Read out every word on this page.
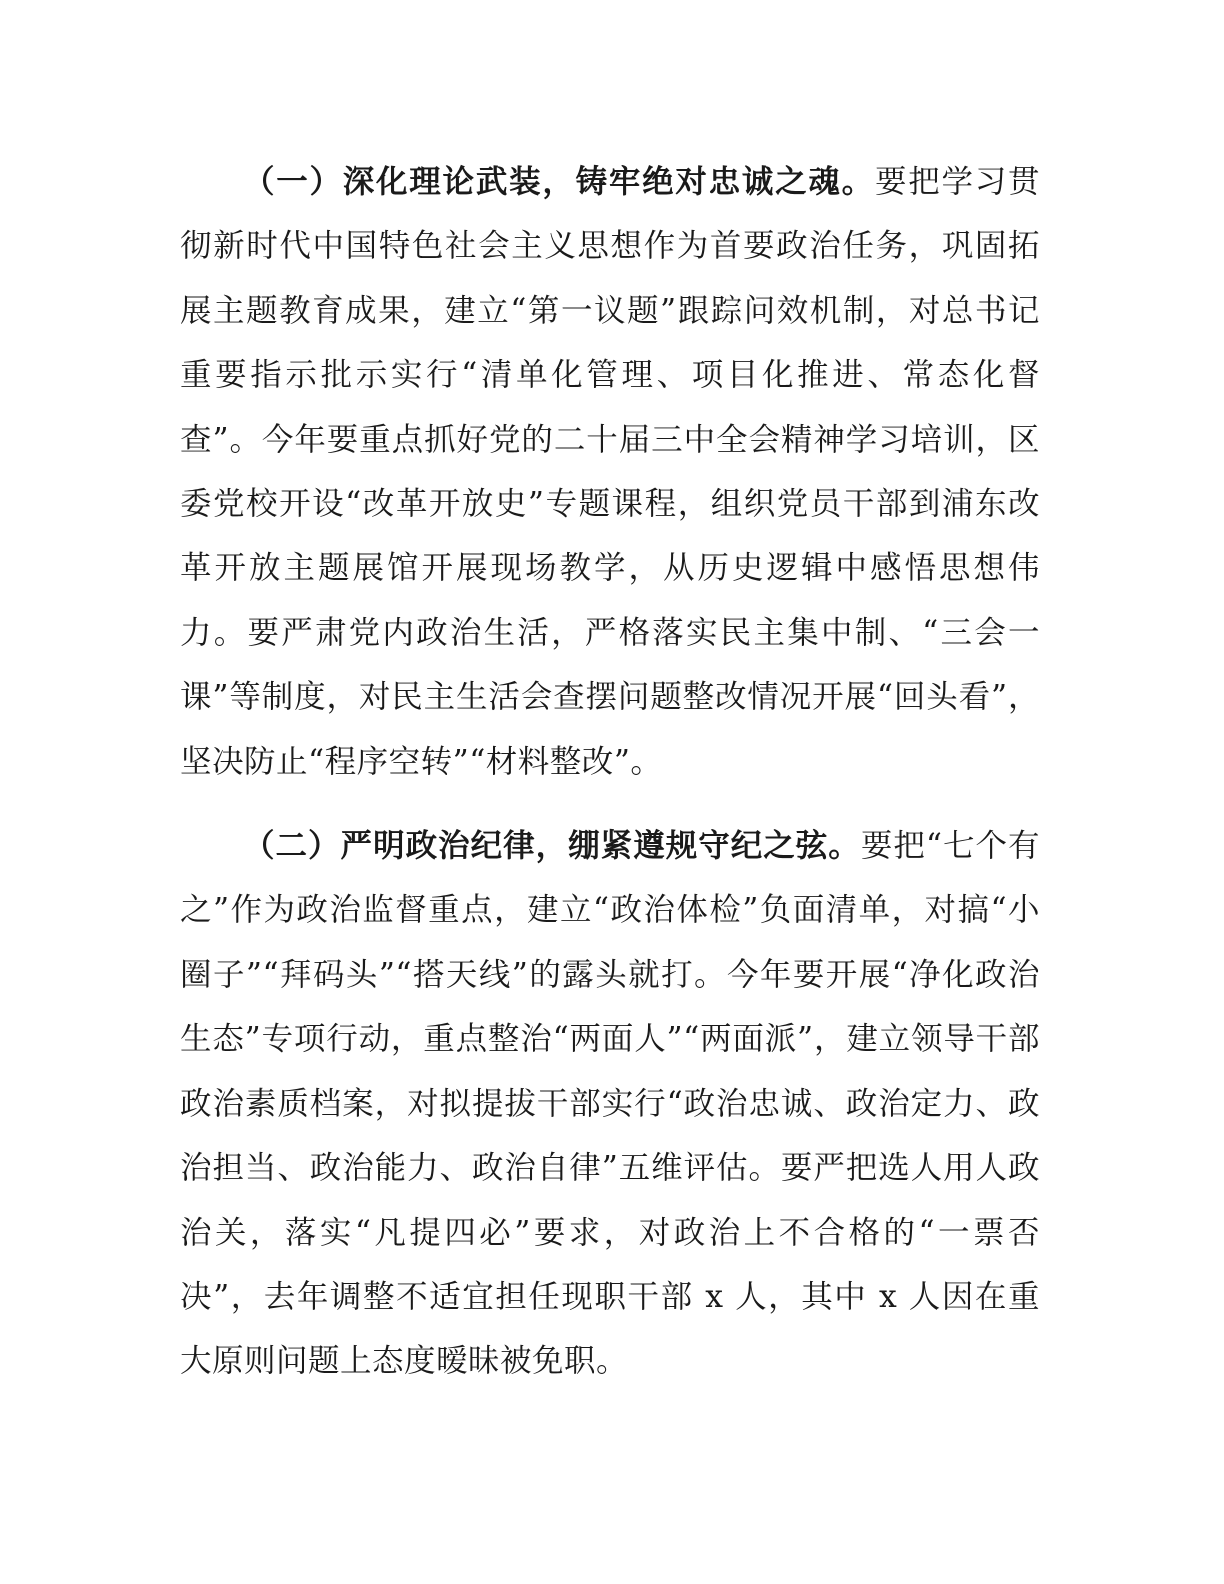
（一）深化理论武装，铸牢绝对忠诚之魂。要把学习贯彻新时代中国特色社会主义思想作为首要政治任务，巩固拓展主题教育成果，建立“第一议题”跟踪问效机制，对总书记重要指示批示实行“清单化管理、项目化推进、常态化督查”。今年要重点抓好党的二十届三中全会精神学习培训，区委党校开设“改革开放史”专题课程，组织党员干部到浦东改革开放主题展馆开展现场教学，从历史逻辑中感悟思想伟力。要严肃党内政治生活，严格落实民主集中制、“三会一课”等制度，对民主生活会查摆问题整改情况开展“回头看”，坚决防止“程序空转”“材料整改”。

（二）严明政治纪律，绷紧遵规守纪之弦。要把“七个有之”作为政治监督重点，建立“政治体检”负面清单，对搞“小圈子”“拜码头”“搭天线”的露头就打。今年要开展“净化政治生态”专项行动，重点整治“两面人”“两面派”，建立领导干部政治素质档案，对拟提拔干部实行“政治忠诚、政治定力、政治担当、政治能力、政治自律”五维评估。要严把选人用人政治关，落实“凡提四必”要求，对政治上不合格的“一票否决”，去年调整不适宜担任现职干部 x 人，其中 x 人因在重大原则问题上态度暧昧被免职。
